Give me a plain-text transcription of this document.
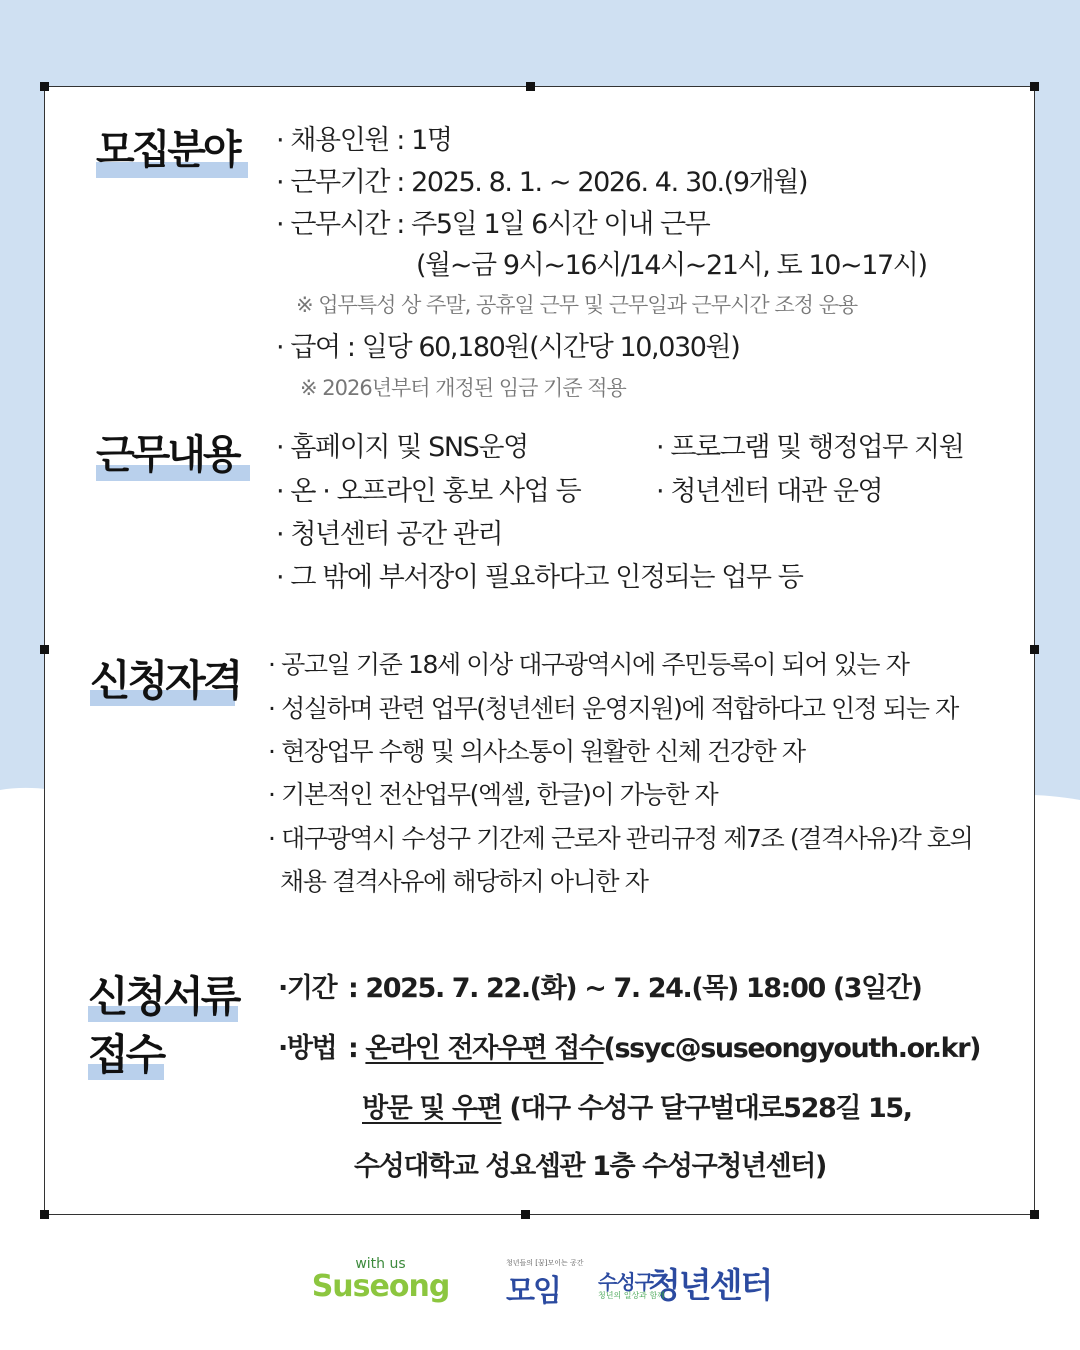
모집분야 · 채용인원 : 1명
· 근무기간 : 2025. 8. 1. ~ 2026. 4. 30.(9개월)
· 근무시간 : 주5일 1일 6시간 이내 근무
(월~금 9시~16시/14시~21시, 토 10~17시)
※ 업무특성 상 주말, 공휴일 근무 및 근무일과 근무시간 조정 운용
· 급여 : 일당 60,180원(시간당 10,030원)
※ 2026년부터 개정된 임금 기준 적용
근무내용 · 홈페이지 및 SNS운영	· 프로그램 및 행정업무 지원
· 온 · 오프라인 홍보 사업 등	· 청년센터 대관 운영
· 청년센터 공간 관리
· 그 밖에 부서장이 필요하다고 인정되는 업무 등
신청자격 · 공고일 기준 18세 이상 대구광역시에 주민등록이 되어 있는 자
· 성실하며 관련 업무(청년센터 운영지원)에 적합하다고 인정 되는 자
· 현장업무 수행 및 의사소통이 원활한 신체 건강한 자
· 기본적인 전산업무(엑셀, 한글)이 가능한 자
· 대구광역시 수성구 기간제 근로자 관리규정 제7조 (결격사유)각 호의
채용 결격사유에 해당하지 아니한 자
신청서류
접수
·기간 : 2025. 7. 22.(화) ~ 7. 24.(목) 18:00 (3일간)
·방법 : 온라인 전자우편 접수(ssyc@suseongyouth.or.kr)
방문 및 우편 (대구 수성구 달구벌대로528길 15,
수성대학교 성요셉관 1층 수성구청년센터)
with us
Suseong
청년들의 [꿈]모이는 공간
모임 수성구
청년센터
청년의 일상과 함께
